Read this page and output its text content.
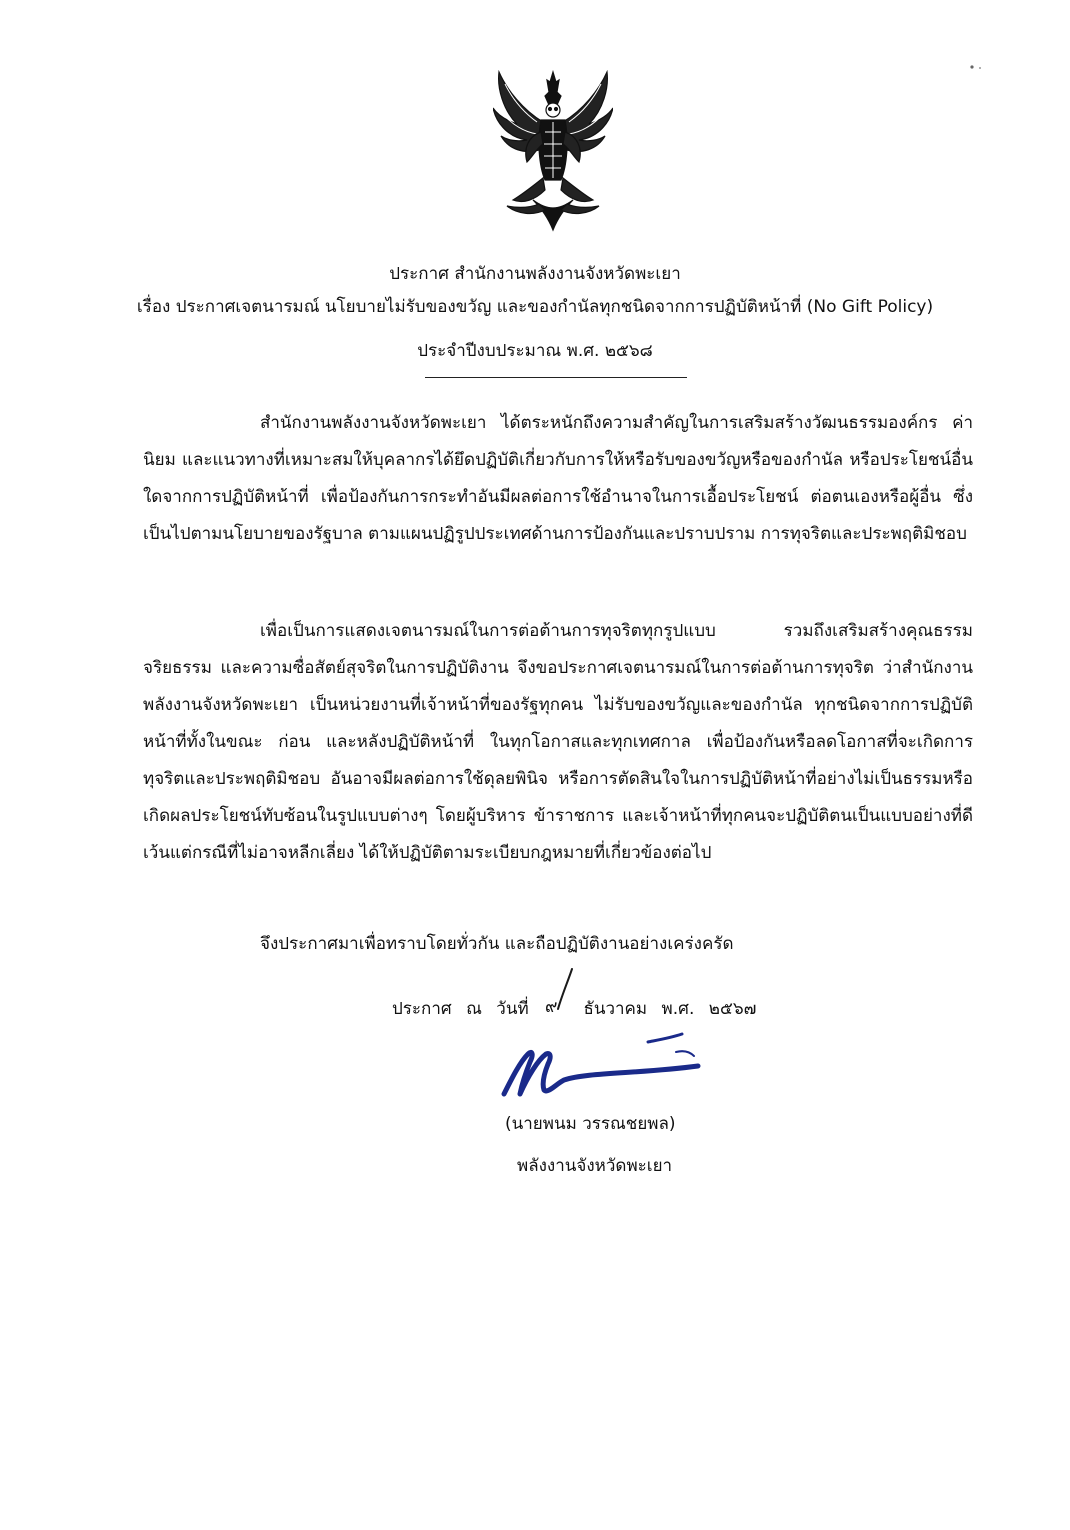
ประกาศ สำนักงานพลังงานจังหวัดพะเยา
เรื่อง ประกาศเจตนารมณ์ นโยบายไม่รับของขวัญ และของกำนัลทุกชนิดจากการปฏิบัติหน้าที่ (No Gift Policy)
ประจำปีงบประมาณ พ.ศ. ๒๕๖๘
สำนักงานพลังงานจังหวัดพะเยา ได้ตระหนักถึงความสำคัญในการเสริมสร้างวัฒนธรรมองค์กร ค่านิยม และแนวทางที่เหมาะสมให้บุคลากรได้ยึดปฏิบัติเกี่ยวกับการให้หรือรับของขวัญหรือของกำนัล หรือประโยชน์อื่นใดจากการปฏิบัติหน้าที่ เพื่อป้องกันการกระทำอันมีผลต่อการใช้อำนาจในการเอื้อประโยชน์ ต่อตนเองหรือผู้อื่น ซึ่งเป็นไปตามนโยบายของรัฐบาล ตามแผนปฏิรูปประเทศด้านการป้องกันและปราบปราม การทุจริตและประพฤติมิชอบ
เพื่อเป็นการแสดงเจตนารมณ์ในการต่อต้านการทุจริตทุกรูปแบบ รวมถึงเสริมสร้างคุณธรรม จริยธรรม และความซื่อสัตย์สุจริตในการปฏิบัติงาน จึงขอประกาศเจตนารมณ์ในการต่อต้านการทุจริต ว่าสำนักงานพลังงานจังหวัดพะเยา เป็นหน่วยงานที่เจ้าหน้าที่ของรัฐทุกคน ไม่รับของขวัญและของกำนัล ทุกชนิดจากการปฏิบัติหน้าที่ทั้งในขณะ ก่อน และหลังปฏิบัติหน้าที่ ในทุกโอกาสและทุกเทศกาล เพื่อป้องกันหรือลดโอกาสที่จะเกิดการทุจริตและประพฤติมิชอบ อันอาจมีผลต่อการใช้ดุลยพินิจ หรือการตัดสินใจในการปฏิบัติหน้าที่อย่างไม่เป็นธรรมหรือเกิดผลประโยชน์ทับซ้อนในรูปแบบต่างๆ โดยผู้บริหาร ข้าราชการ และเจ้าหน้าที่ทุกคนจะปฏิบัติตนเป็นแบบอย่างที่ดีเว้นแต่กรณีที่ไม่อาจหลีกเลี่ยง ได้ให้ปฏิบัติตามระเบียบกฎหมายที่เกี่ยวข้องต่อไป
จึงประกาศมาเพื่อทราบโดยทั่วกัน และถือปฏิบัติงานอย่างเคร่งครัด
ประกาศ ณ วันที่	ธันวาคม พ.ศ. ๒๕๖๗
๙
(นายพนม วรรณชยพล)
พลังงานจังหวัดพะเยา
